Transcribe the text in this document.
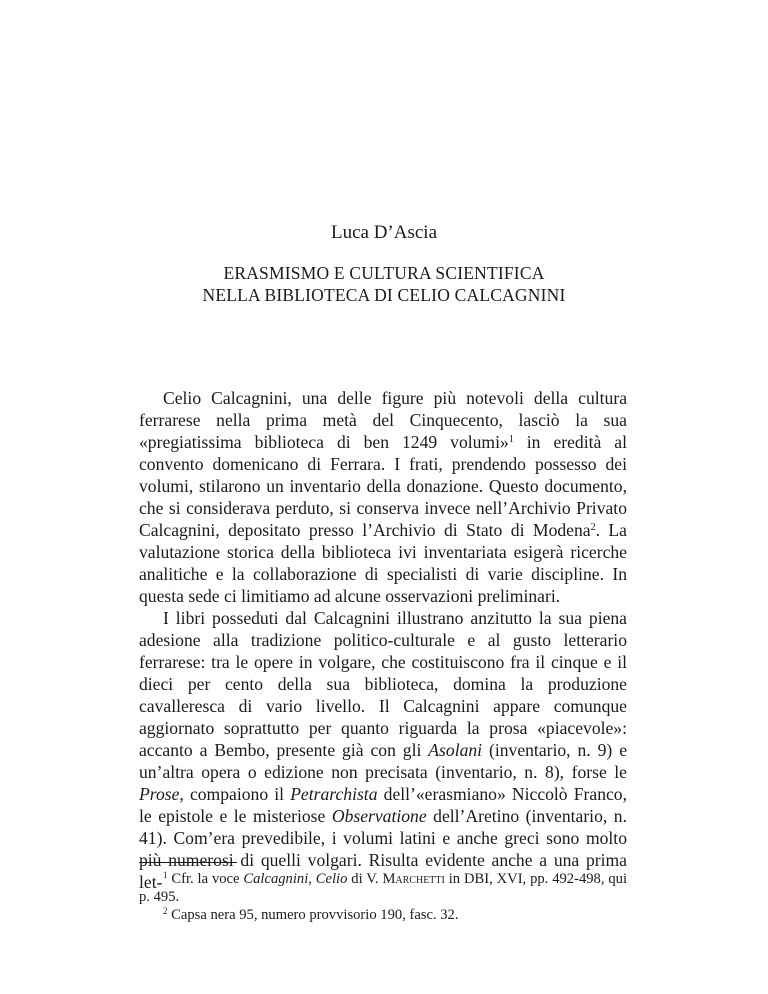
Luca D’Ascia
ERASMISMO E CULTURA SCIENTIFICA
NELLA BIBLIOTECA DI CELIO CALCAGNINI

Celio Calcagnini, una delle figure più notevoli della cultura ferrarese nella prima metà del Cinquecento, lasciò la sua «pregiatissima biblioteca di ben 1249 volumi»$^1$ in eredità al convento domenicano di Ferrara. I frati, prendendo possesso dei volumi, stilarono un inventario della donazione. Questo documento, che si considerava perduto, si conserva invece nell’Archivio Privato Calcagnini, depositato presso l’Archivio di Stato di Modena$^2$. La valutazione storica della biblioteca ivi inventariata esigerà ricerche analitiche e la collaborazione di specialisti di varie discipline. In questa sede ci limitiamo ad alcune osservazioni preliminari.

I libri posseduti dal Calcagnini illustrano anzitutto la sua piena adesione alla tradizione politico-culturale e al gusto letterario ferrarese: tra le opere in volgare, che costituiscono fra il cinque e il dieci per cento della sua biblioteca, domina la produzione cavalleresca di vario livello. Il Calcagnini appare comunque aggiornato soprattutto per quanto riguarda la prosa «piacevole»: accanto a Bembo, presente già con gli Asolani (inventario, n. 9) e un’altra opera o edizione non precisata (inventario, n. 8), forse le Prose, compaiono il Petrarchista dell’«erasmiano» Niccolò Franco, le epistole e le misteriose Observatione dell’Aretino (inventario, n. 41). Com’era prevedibile, i volumi latini e anche greci sono molto più numerosi di quelli volgari. Risulta evidente anche a una prima let- $^1$ Cfr. la voce Calcagnini, Celio di V. Marchetti in DBI, XVI, pp. 492-498, qui p. 495.

$^2$ Capsa nera 95, numero provvisorio 190, fasc. 32.
